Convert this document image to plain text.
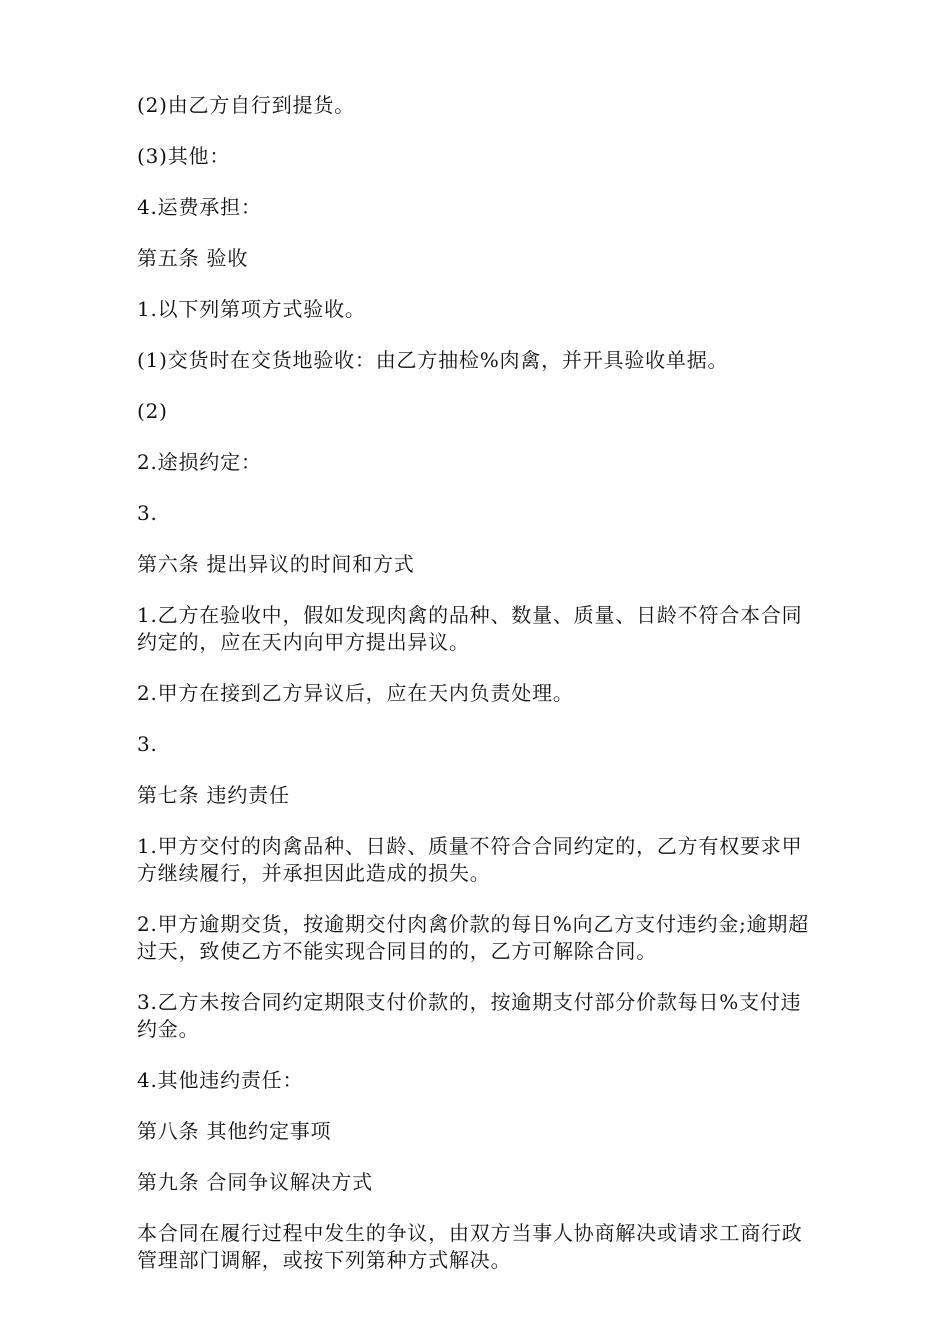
(2)由乙方自行到提货。

(3)其他：

4.运费承担：

第五条 验收

1.以下列第项方式验收。

(1)交货时在交货地验收：由乙方抽检%肉禽，并开具验收单据。

(2)

2.途损约定：

3.

第六条 提出异议的时间和方式

1.乙方在验收中，假如发现肉禽的品种、数量、质量、日龄不符合本合同约定的，应在天内向甲方提出异议。

2.甲方在接到乙方异议后，应在天内负责处理。

3.

第七条 违约责任

1.甲方交付的肉禽品种、日龄、质量不符合合同约定的，乙方有权要求甲方继续履行，并承担因此造成的损失。

2.甲方逾期交货，按逾期交付肉禽价款的每日%向乙方支付违约金;逾期超过天，致使乙方不能实现合同目的的，乙方可解除合同。

3.乙方未按合同约定期限支付价款的，按逾期支付部分价款每日%支付违约金。

4.其他违约责任：

第八条 其他约定事项

第九条 合同争议解决方式

本合同在履行过程中发生的争议，由双方当事人协商解决或请求工商行政管理部门调解，或按下列第种方式解决。
